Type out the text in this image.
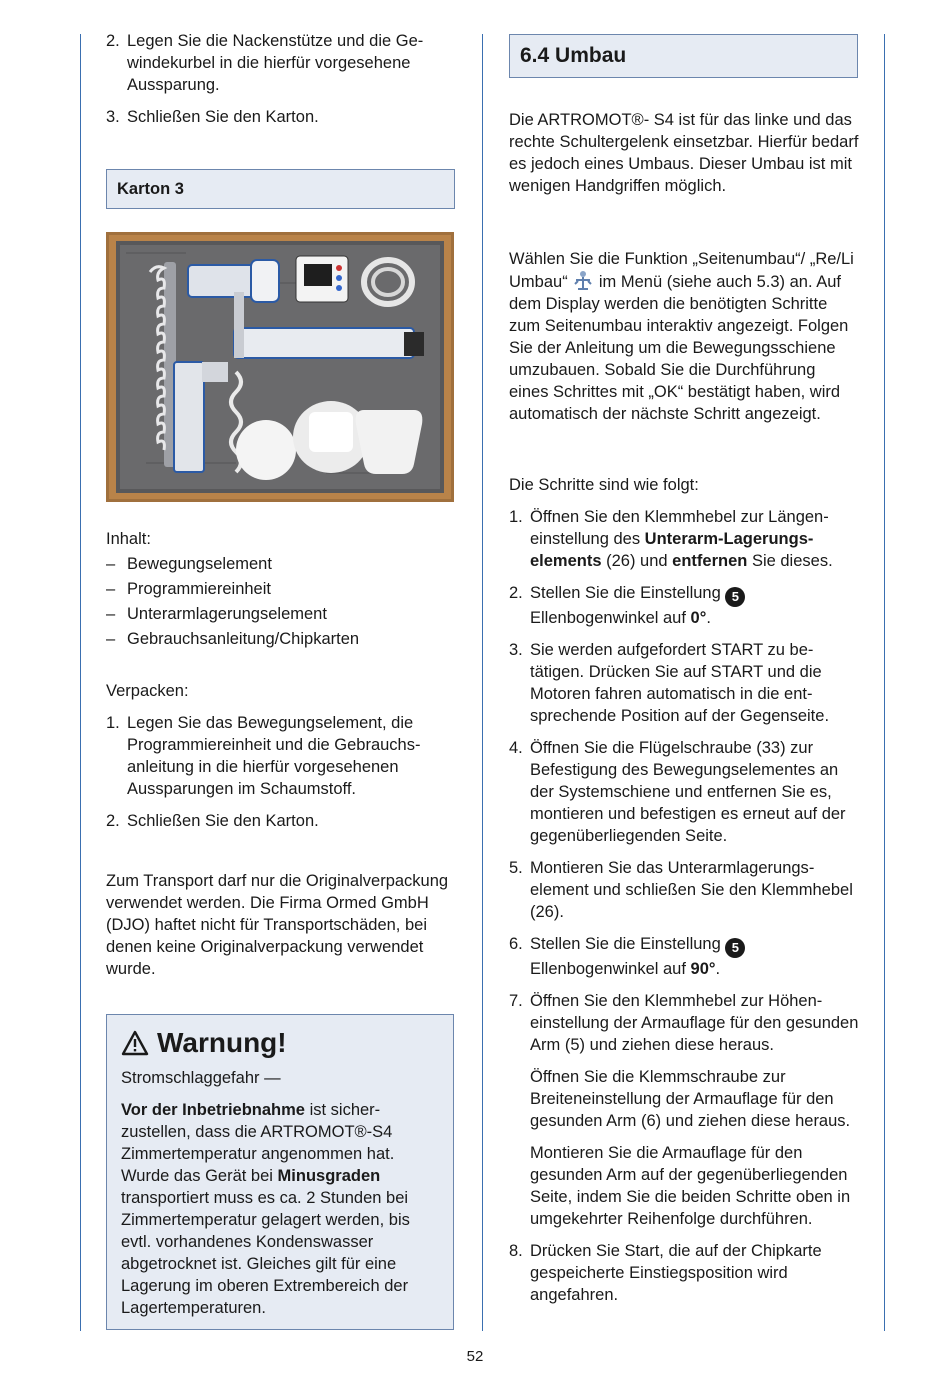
2. Legen Sie die Nackenstütze und die Gewindekurbel in die hierfür vorgesehene Aussparung.
3. Schließen Sie den Karton.
Karton 3

Inhalt:

– Bewegungselement
– Programmiereinheit
– Unterarmlagerungselement
– Gebrauchsanleitung/Chipkarten

Verpacken:

1. Legen Sie das Bewegungselement, die Programmiereinheit und die Gebrauchsanleitung in die hierfür vorgesehenen Aussparungen im Schaumstoff.
2. Schließen Sie den Karton.

Zum Transport darf nur die Originalverpackung verwendet werden. Die Firma Ormed GmbH (DJO) haftet nicht für Transportschäden, bei denen keine Originalverpackung verwendet wurde.

Warnung!

Stromschlaggefahr —

Vor der Inbetriebnahme ist sicherzustellen, dass die ARTROMOT®-S4 Zimmertemperatur angenommen hat. Wurde das Gerät bei Minusgraden transportiert muss es ca. 2 Stunden bei Zimmertemperatur gelagert werden, bis evtl. vorhandenes Kondenswasser abgetrocknet ist. Gleiches gilt für eine Lagerung im oberen Extrembereich der Lagertemperaturen.

6.4 Umbau

Die ARTROMOT®- S4 ist für das linke und das rechte Schultergelenk einsetzbar. Hierfür bedarf es jedoch eines Umbaus. Dieser Umbau ist mit wenigen Handgriffen möglich.

Wählen Sie die Funktion „Seitenumbau“/ „Re/Li Umbau“  im Menü (siehe auch 5.3) an. Auf dem Display werden die benötigten Schritte zum Seitenumbau interaktiv angezeigt. Folgen Sie der Anleitung um die Bewegungsschiene umzubauen. Sobald Sie die Durchführung eines Schrittes mit „OK“ bestätigt haben, wird automatisch der nächste Schritt angezeigt.

Die Schritte sind wie folgt:

1. Öffnen Sie den Klemmhebel zur Längeneinstellung des Unterarm-Lagerungselements (26) und entfernen Sie dieses.
2. Stellen Sie die Einstellung 5 Ellenbogenwinkel auf 0°.
3. Sie werden aufgefordert START zu betätigen. Drücken Sie auf START und die Motoren fahren automatisch in die entsprechende Position auf der Gegenseite.
4. Öffnen Sie die Flügelschraube (33) zur Befestigung des Bewegungselementes an der Systemschiene und entfernen Sie es, montieren und befestigen es erneut auf der gegenüberliegenden Seite.
5. Montieren Sie das Unterarmlagerungselement und schließen Sie den Klemmhebel (26).
6. Stellen Sie die Einstellung 5 Ellenbogenwinkel auf 90°.
7. Öffnen Sie den Klemmhebel zur Höheneinstellung der Armauflage für den gesunden Arm (5) und ziehen diese heraus.
Öffnen Sie die Klemmschraube zur Breiteneinstellung der Armauflage für den gesunden Arm (6) und ziehen diese heraus.
Montieren Sie die Armauflage für den gesunden Arm auf der gegenüberliegenden Seite, indem Sie die beiden Schritte oben in umgekehrter Reihenfolge durchführen.
8. Drücken Sie Start, die auf der Chipkarte gespeicherte Einstiegsposition wird angefahren.
52
